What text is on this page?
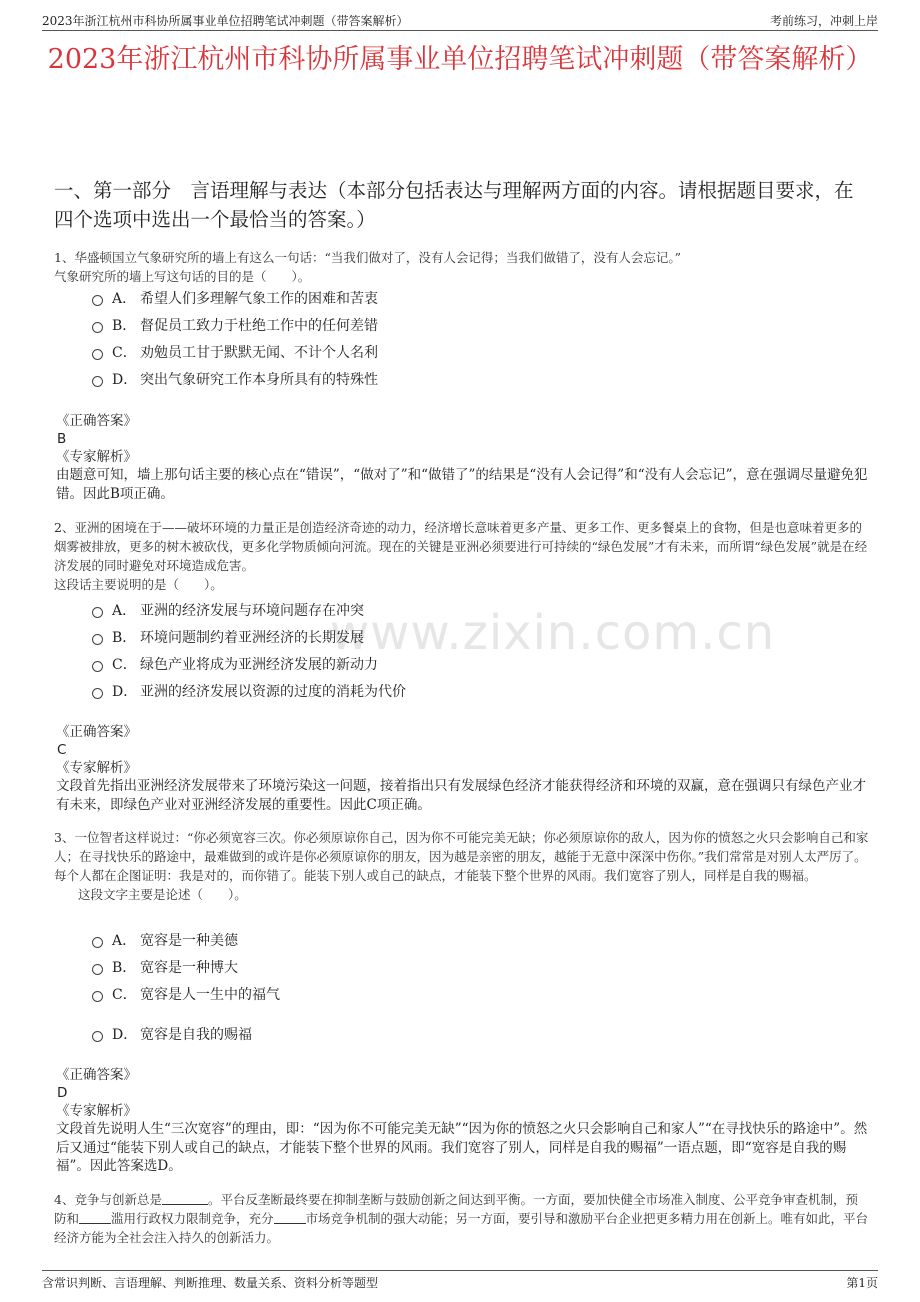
2023年浙江杭州市科协所属事业单位招聘笔试冲刺题（带答案解析）	考前练习，冲刺上岸
2023年浙江杭州市科协所属事业单位招聘笔试冲刺题（带答案解析）
一、第一部分　言语理解与表达（本部分包括表达与理解两方面的内容。请根据题目要求，在四个选项中选出一个最恰当的答案。）
www.zixin.com.cn

1、华盛顿国立气象研究所的墙上有这么一句话：“当我们做对了，没有人会记得；当我们做错了，没有人会忘记。”

气象研究所的墙上写这句话的目的是（　　）。

A． 希望人们多理解气象工作的困难和苦衷
B． 督促员工致力于杜绝工作中的任何差错
C． 劝勉员工甘于默默无闻、不计个人名利
D． 突出气象研究工作本身所具有的特殊性
《正确答案》
B
《专家解析》
由题意可知，墙上那句话主要的核心点在“错误”，“做对了”和“做错了”的结果是“没有人会记得”和“没有人会忘记”，意在强调尽量避免犯错。因此B项正确。

2、亚洲的困境在于——破坏环境的力量正是创造经济奇迹的动力，经济增长意味着更多产量、更多工作、更多餐桌上的食物，但是也意味着更多的烟雾被排放，更多的树木被砍伐，更多化学物质倾向河流。现在的关键是亚洲必须要进行可持续的“绿色发展”才有未来，而所谓“绿色发展”就是在经济发展的同时避免对环境造成危害。

这段话主要说明的是（　　）。

A． 亚洲的经济发展与环境问题存在冲突
B． 环境问题制约着亚洲经济的长期发展
C． 绿色产业将成为亚洲经济发展的新动力
D． 亚洲的经济发展以资源的过度的消耗为代价
《正确答案》
C
《专家解析》
文段首先指出亚洲经济发展带来了环境污染这一问题，接着指出只有发展绿色经济才能获得经济和环境的双赢，意在强调只有绿色产业才有未来，即绿色产业对亚洲经济发展的重要性。因此C项正确。

3、一位智者这样说过：“你必须宽容三次。你必须原谅你自己，因为你不可能完美无缺；你必须原谅你的敌人，因为你的愤怒之火只会影响自己和家人；在寻找快乐的路途中，最难做到的或许是你必须原谅你的朋友，因为越是亲密的朋友，越能于无意中深深中伤你。”我们常常是对别人太严厉了。每个人都在企图证明：我是对的，而你错了。能装下别人或自己的缺点，才能装下整个世界的风雨。我们宽容了别人，同样是自我的赐福。

这段文字主要是论述（　　）。

A． 宽容是一种美德
B． 宽容是一种博大
C． 宽容是人一生中的福气
D． 宽容是自我的赐福
《正确答案》
D
《专家解析》
文段首先说明人生“三次宽容”的理由，即：“因为你不可能完美无缺”“因为你的愤怒之火只会影响自己和家人”“在寻找快乐的路途中”。然后又通过“能装下别人或自己的缺点，才能装下整个世界的风雨。我们宽容了别人，同样是自我的赐福”一语点题，即“宽容是自我的赐福”。因此答案选D。

4、竞争与创新总是	。平台反垄断最终要在抑制垄断与鼓励创新之间达到平衡。一方面，要加快健全市场准入制度、公平竞争审查机制，预防和	滥用行政权力限制竞争，充分	市场竞争机制的强大动能；另一方面，要引导和激励平台企业把更多精力用在创新上。唯有如此，平台经济方能为全社会注入持久的创新活力。

含常识判断、言语理解、判断推理、数量关系、资料分析等题型	第1页
